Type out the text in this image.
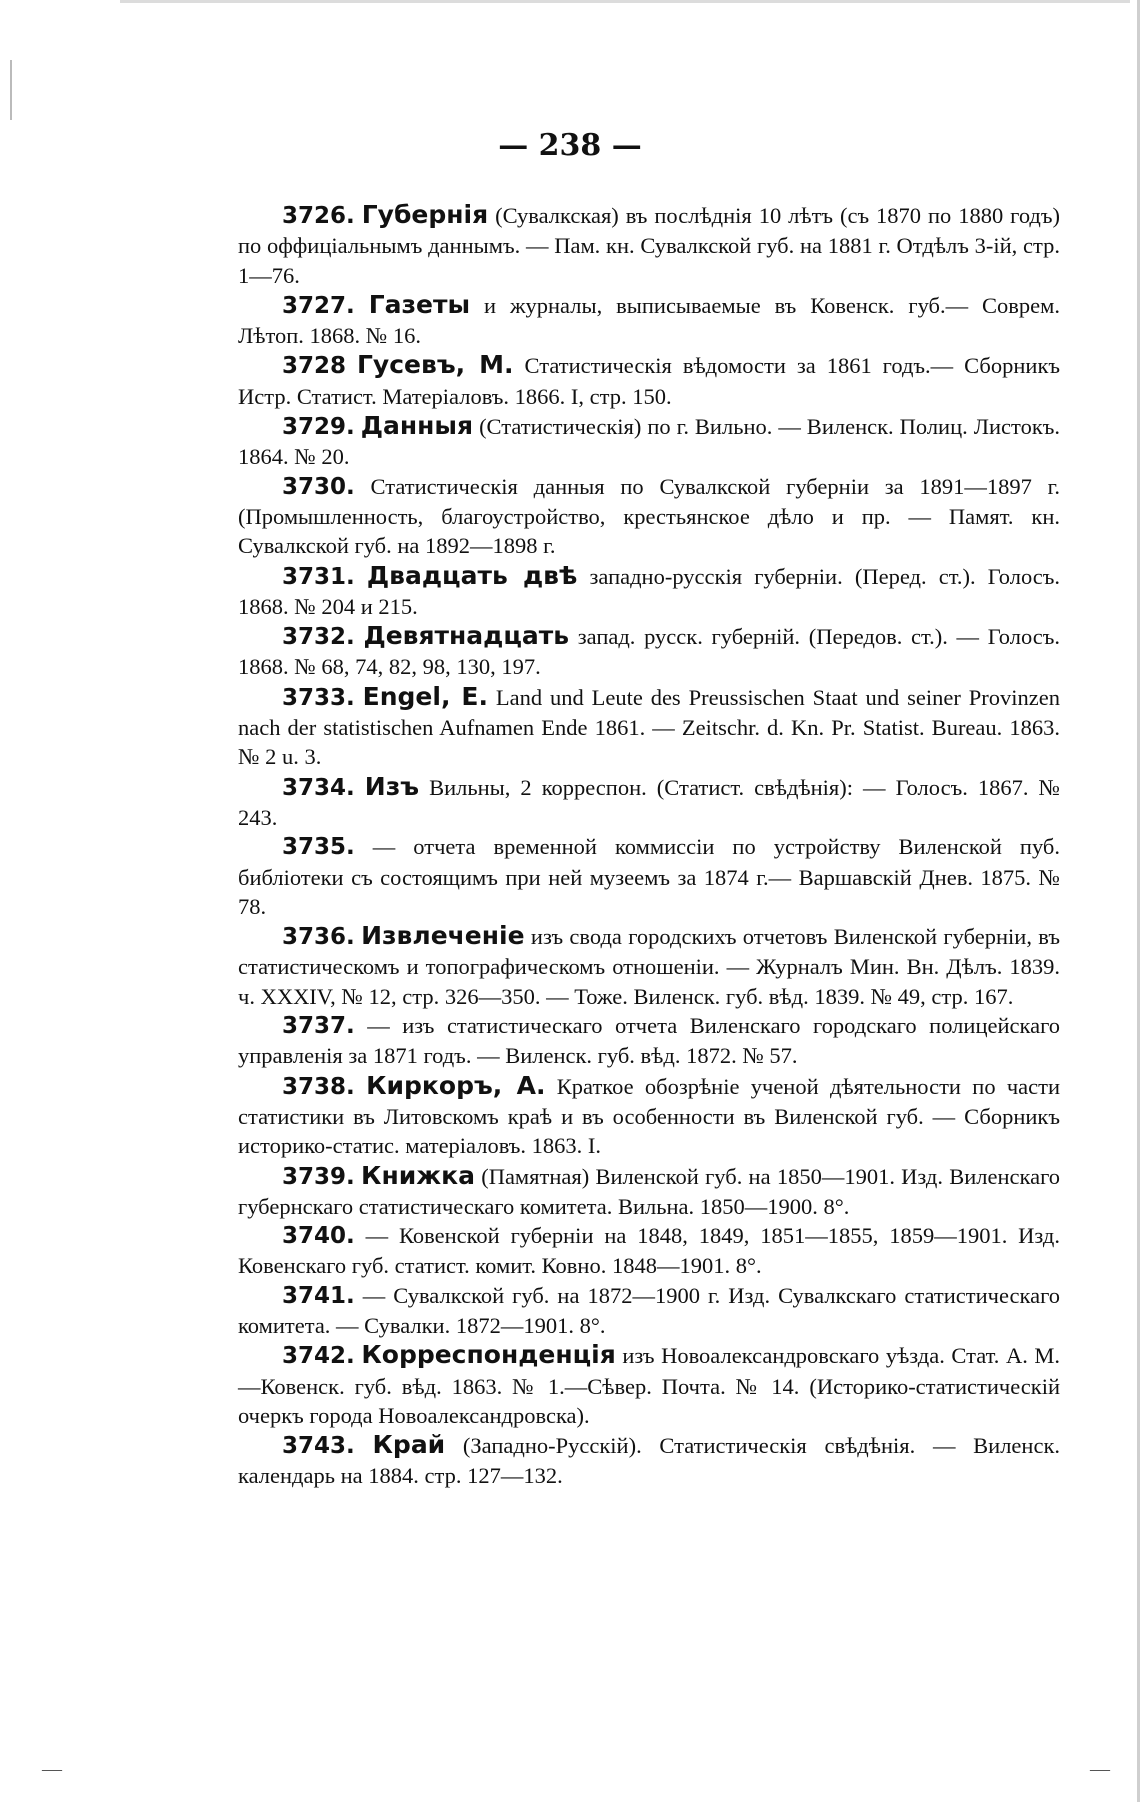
— 238 —

3726. Губернія (Сувалкская) въ послѣднія 10 лѣтъ (съ 1870 по 1880 годъ) по оффиціальнымъ даннымъ. — Пам. кн. Сувалкской губ. на 1881 г. Отдѣлъ 3-ій, стр. 1—76.

3727. Газеты и журналы, выписываемые въ Ковенск. губ.— Соврем. Лѣтоп. 1868. № 16.

3728 Гусевъ, М. Статистическія вѣдомости за 1861 годъ.— Сборникъ Истр. Статист. Матеріаловъ. 1866. I, стр. 150.

3729. Данныя (Статистическія) по г. Вильно. — Виленск. Полиц. Листокъ. 1864. № 20.

3730. Статистическія данныя по Сувалкской губерніи за 1891—1897 г. (Промышленность, благоустройство, крестьянское дѣло и пр. — Памят. кн. Сувалкской губ. на 1892—1898 г.

3731. Двадцать двѣ западно-русскія губерніи. (Перед. ст.). Голосъ. 1868. № 204 и 215.

3732. Девятнадцать запад. русск. губерній. (Передов. ст.). — Голосъ. 1868. № 68, 74, 82, 98, 130, 197.

3733. Engel, E. Land und Leute des Preussischen Staat und seiner Provinzen nach der statistischen Aufnamen Ende 1861. — Zeitschr. d. Kn. Pr. Statist. Bureau. 1863. № 2 u. 3.

3734. Изъ Вильны, 2 корреспон. (Статист. свѣдѣнія): — Голосъ. 1867. № 243.

3735. — отчета временной коммиссіи по устройству Виленской пуб. библіотеки съ состоящимъ при ней музеемъ за 1874 г.— Варшавскій Днев. 1875. № 78.

3736. Извлеченіе изъ свода городскихъ отчетовъ Виленской губерніи, въ статистическомъ и топографическомъ отношеніи. — Журналъ Мин. Вн. Дѣлъ. 1839. ч. XXXIV, № 12, стр. 326—350. — Тоже. Виленск. губ. вѣд. 1839. № 49, стр. 167.

3737. — изъ статистическаго отчета Виленскаго городскаго полицейскаго управленія за 1871 годъ. — Виленск. губ. вѣд. 1872. № 57.

3738. Киркоръ, А. Краткое обозрѣніе ученой дѣятельности по части статистики въ Литовскомъ краѣ и въ особенности въ Виленской губ. — Сборникъ историко-статис. матеріаловъ. 1863. I.

3739. Книжка (Памятная) Виленской губ. на 1850—1901. Изд. Виленскаго губернскаго статистическаго комитета. Вильна. 1850—1900. 8°.

3740. — Ковенской губерніи на 1848, 1849, 1851—1855, 1859—1901. Изд. Ковенскаго губ. статист. комит. Ковно. 1848—1901. 8°.

3741. — Сувалкской губ. на 1872—1900 г. Изд. Сувалкскаго статистическаго комитета. — Сувалки. 1872—1901. 8°.

3742. Корреспонденція изъ Новоалександровскаго уѣзда. Стат. А. М.—Ковенск. губ. вѣд. 1863. № 1.—Сѣвер. Почта. № 14. (Историко-статистическій очеркъ города Новоалександровска).

3743. Край (Западно-Русскій). Статистическія свѣдѣнія. — Виленск. календарь на 1884. стр. 127—132.

—	—
